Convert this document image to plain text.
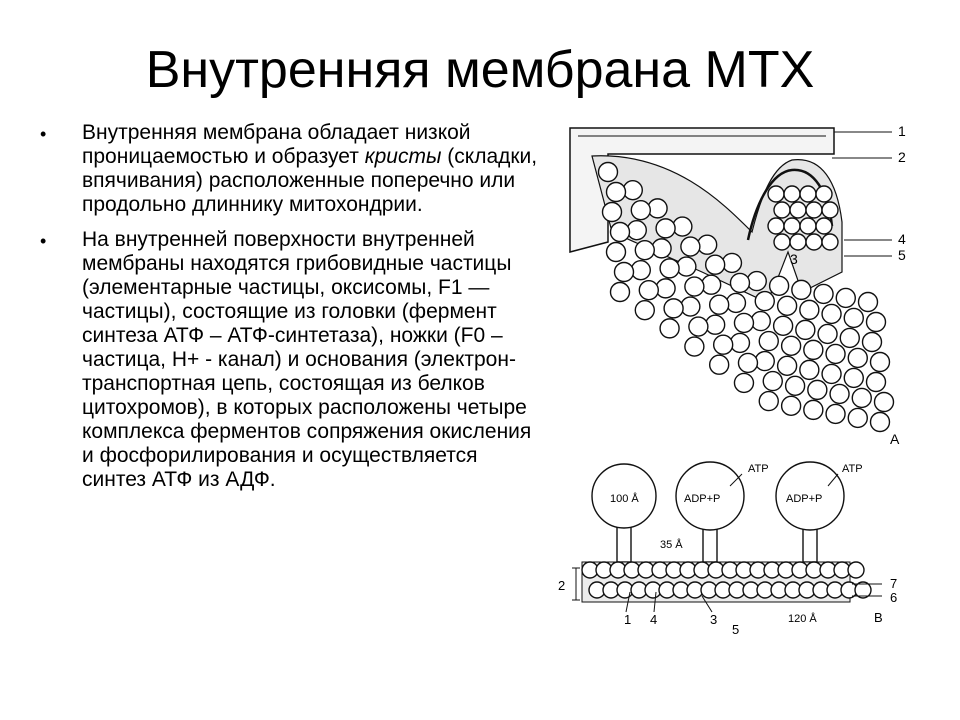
Внутренняя мембрана МТХ
• Внутренняя мембрана обладает низкой проницаемостью и образует кристы (складки, впячивания) расположенные поперечно или продольно длиннику митохондрии.
• На внутренней поверхности внутренней мембраны находятся грибовидные частицы (элементарные частицы, оксисомы, F1 — частицы), состоящие из головки (фермент синтеза АТФ – АТФ-синтетаза), ножки (F0 – частица, H+ - канал) и основания (электрон-транспортная цепь, состоящая из белков цитохромов), в которых расположены четыре комплекса ферментов сопряжения окисления и фосфорилирования и осуществляется синтез АТФ из АДФ.
1
2
4
5
3
A
100 Å	ADP+P	ADP+P
ATP	ATP
35 Å
2	7
6
1 4	3
5
120 Å	B
